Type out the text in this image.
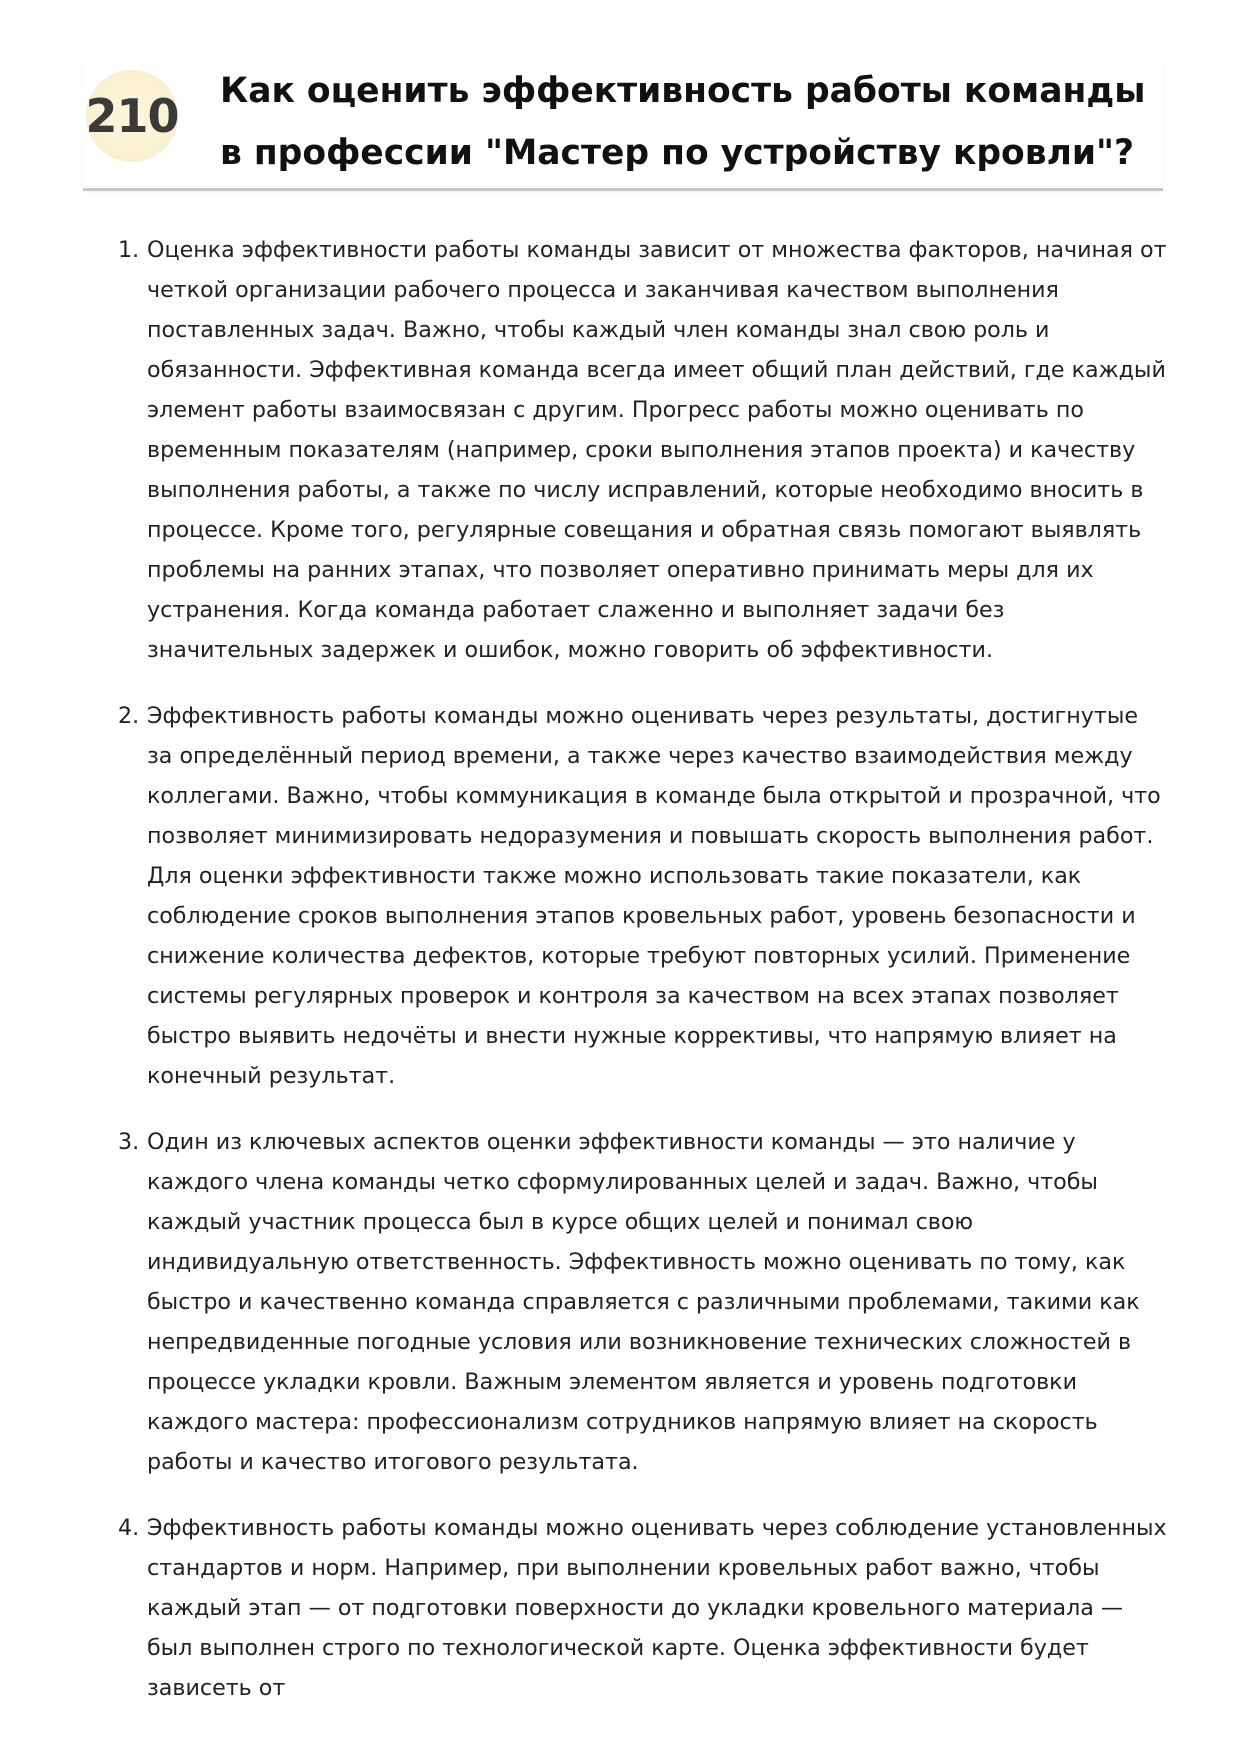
210 Как оценить эффективность работы команды в профессии "Мастер по устройству кровли"?
1. Оценка эффективности работы команды зависит от множества факторов, начиная от четкой организации рабочего процесса и заканчивая качеством выполнения поставленных задач. Важно, чтобы каждый член команды знал свою роль и обязанности. Эффективная команда всегда имеет общий план действий, где каждый элемент работы взаимосвязан с другим. Прогресс работы можно оценивать по временным показателям (например, сроки выполнения этапов проекта) и качеству выполнения работы, а также по числу исправлений, которые необходимо вносить в процессе. Кроме того, регулярные совещания и обратная связь помогают выявлять проблемы на ранних этапах, что позволяет оперативно принимать меры для их устранения. Когда команда работает слаженно и выполняет задачи без значительных задержек и ошибок, можно говорить об эффективности.
2. Эффективность работы команды можно оценивать через результаты, достигнутые за определённый период времени, а также через качество взаимодействия между коллегами. Важно, чтобы коммуникация в команде была открытой и прозрачной, что позволяет минимизировать недоразумения и повышать скорость выполнения работ. Для оценки эффективности также можно использовать такие показатели, как соблюдение сроков выполнения этапов кровельных работ, уровень безопасности и снижение количества дефектов, которые требуют повторных усилий. Применение системы регулярных проверок и контроля за качеством на всех этапах позволяет быстро выявить недочёты и внести нужные коррективы, что напрямую влияет на конечный результат.
3. Один из ключевых аспектов оценки эффективности команды — это наличие у каждого члена команды четко сформулированных целей и задач. Важно, чтобы каждый участник процесса был в курсе общих целей и понимал свою индивидуальную ответственность. Эффективность можно оценивать по тому, как быстро и качественно команда справляется с различными проблемами, такими как непредвиденные погодные условия или возникновение технических сложностей в процессе укладки кровли. Важным элементом является и уровень подготовки каждого мастера: профессионализм сотрудников напрямую влияет на скорость работы и качество итогового результата.
4. Эффективность работы команды можно оценивать через соблюдение установленных стандартов и норм. Например, при выполнении кровельных работ важно, чтобы каждый этап — от подготовки поверхности до укладки кровельного материала — был выполнен строго по технологической карте. Оценка эффективности будет зависеть от
